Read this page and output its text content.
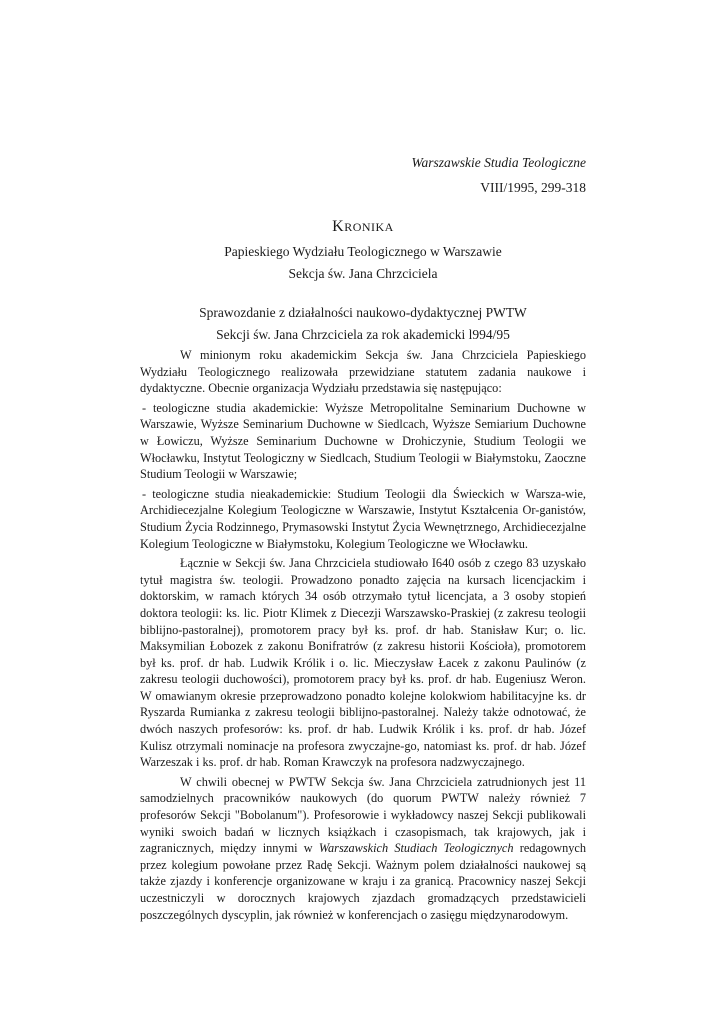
Warszawskie Studia Teologiczne
VIII/1995, 299-318
KRONIKA
Papieskiego Wydziału Teologicznego w Warszawie
Sekcja św. Jana Chrzciciela
Sprawozdanie z działalności naukowo-dydaktycznej PWTW
Sekcji św. Jana Chrzciciela za rok akademicki l994/95

W minionym roku akademickim Sekcja św. Jana Chrzciciela Papieskiego Wydziału Teologicznego realizowała przewidziane statutem zadania naukowe i dydaktyczne. Obecnie organizacja Wydziału przedstawia się następująco:

- teologiczne studia akademickie: Wyższe Metropolitalne Seminarium Duchowne w Warszawie, Wyższe Seminarium Duchowne w Siedlcach, Wyższe Semiarium Duchowne w Łowiczu, Wyższe Seminarium Duchowne w Drohiczynie, Studium Teologii we Włocławku, Instytut Teologiczny w Siedlcach, Studium Teologii w Białymstoku, Zaoczne Studium Teologii w Warszawie;

- teologiczne studia nieakademickie: Studium Teologii dla Świeckich w Warsza-wie, Archidiecezjalne Kolegium Teologiczne w Warszawie, Instytut Kształcenia Or-ganistów, Studium Życia Rodzinnego, Prymasowski Instytut Życia Wewnętrznego, Archidiecezjalne Kolegium Teologiczne w Białymstoku, Kolegium Teologiczne we Włocławku.

Łącznie w Sekcji św. Jana Chrzciciela studiowało I640 osób z czego 83 uzyskało tytuł magistra św. teologii. Prowadzono ponadto zajęcia na kursach licencjackim i doktorskim, w ramach których 34 osób otrzymało tytuł licencjata, a 3 osoby stopień doktora teologii: ks. lic. Piotr Klimek z Diecezji Warszawsko-Praskiej (z zakresu teologii biblijno-pastoralnej), promotorem pracy był ks. prof. dr hab. Stanisław Kur; o. lic. Maksymilian Łobozek z zakonu Bonifratrów (z zakresu historii Kościoła), promotorem był ks. prof. dr hab. Ludwik Królik i o. lic. Mieczysław Łacek z zakonu Paulinów (z zakresu teologii duchowości), promotorem pracy był ks. prof. dr hab. Eugeniusz Weron. W omawianym okresie przeprowadzono ponadto kolejne kolokwiom habilitacyjne ks. dr Ryszarda Rumianka z zakresu teologii biblijno-pastoralnej. Należy także odnotować, że dwóch naszych profesorów: ks. prof. dr hab. Ludwik Królik i ks. prof. dr hab. Józef Kulisz otrzymali nominacje na profesora zwyczajne-go, natomiast ks. prof. dr hab. Józef Warzeszak i ks. prof. dr hab. Roman Krawczyk na profesora nadzwyczajnego.

W chwili obecnej w PWTW Sekcja św. Jana Chrzciciela zatrudnionych jest 11 samodzielnych pracowników naukowych (do quorum PWTW należy również 7 profesorów Sekcji "Bobolanum"). Profesorowie i wykładowcy naszej Sekcji publikowali wyniki swoich badań w licznych książkach i czasopismach, tak krajowych, jak i zagranicznych, między innymi w Warszawskich Studiach Teologicznych redagownych przez kolegium powołane przez Radę Sekcji. Ważnym polem działalności naukowej są także zjazdy i konferencje organizowane w kraju i za granicą. Pracownicy naszej Sekcji uczestniczyli w dorocznych krajowych zjazdach gromadzących przedstawicieli poszczególnych dyscyplin, jak również w konferencjach o zasięgu międzynarodowym.
